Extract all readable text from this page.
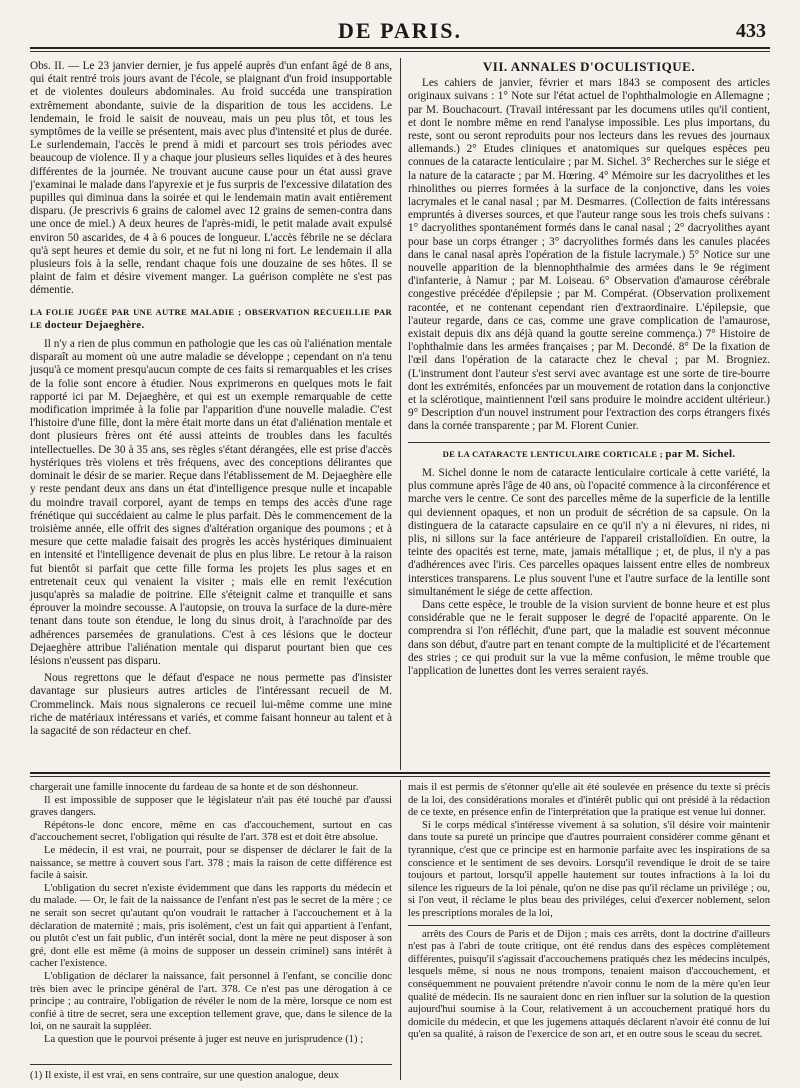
DE PARIS.	433

Obs. II. — Le 23 janvier dernier, je fus appelé auprès d'un enfant âgé de 8 ans, qui était rentré trois jours avant de l'école, se plaignant d'un froid insupportable et de violentes douleurs abdominales. Au froid succéda une transpiration extrêmement abondante, suivie de la disparition de tous les accidens. Le lendemain, le froid le saisit de nouveau, mais un peu plus tôt, et tous les symptômes de la veille se présentent, mais avec plus d'intensité et plus de durée. Le surlendemain, l'accès le prend à midi et parcourt ses trois périodes avec beaucoup de violence. Il y a chaque jour plusieurs selles liquides et à des heures différentes de la journée. Ne trouvant aucune cause pour un état aussi grave j'examinai le malade dans l'apyrexie et je fus surpris de l'excessive dilatation des pupilles qui diminua dans la soirée et qui le lendemain matin avait entièrement disparu. (Je prescrivis 6 grains de calomel avec 12 grains de semen-contra dans une once de miel.) A deux heures de l'après-midi, le petit malade avait expulsé environ 50 ascarides, de 4 à 6 pouces de longueur. L'accès fébrile ne se déclara qu'à sept heures et demie du soir, et ne fut ni long ni fort. Le lendemain il alla plusieurs fois à la selle, rendant chaque fois une douzaine de ses hôtes. Il se plaint de faim et désire vivement manger. La guérison complète ne s'est pas démentie.

LA FOLIE JUGÉE PAR UNE AUTRE MALADIE ; OBSERVATION RECUEILLIE PAR LE docteur Dejaeghère.

Il n'y a rien de plus commun en pathologie que les cas où l'aliénation mentale disparaît au moment où une autre maladie se développe ; cependant on n'a tenu jusqu'à ce moment presqu'aucun compte de ces faits si remarquables et les crises de la folie sont encore à étudier. Nous exprimerons en quelques mots le fait rapporté ici par M. Dejaeghère, et qui est un exemple remarquable de cette modification imprimée à la folie par l'apparition d'une nouvelle maladie. C'est l'histoire d'une fille, dont la mère était morte dans un état d'aliénation mentale et dont plusieurs frères ont été aussi atteints de troubles dans les facultés intellectuelles. De 30 à 35 ans, ses règles s'étant dérangées, elle est prise d'accès hystériques très violens et très fréquens, avec des conceptions délirantes que dominait le désir de se marier. Reçue dans l'établissement de M. Dejaeghère elle y reste pendant deux ans dans un état d'intelligence presque nulle et incapable du moindre travail corporel, ayant de temps en temps des accès d'une rage frénétique qui succédaient au calme le plus parfait. Dès le commencement de la troisième année, elle offrit des signes d'altération organique des poumons ; et à mesure que cette maladie faisait des progrès les accès hystériques diminuaient en intensité et l'intelligence devenait de plus en plus libre. Le retour à la raison fut bientôt si parfait que cette fille forma les projets les plus sages et en entretenait ceux qui venaient la visiter ; mais elle en remit l'exécution jusqu'après sa maladie de poitrine. Elle s'éteignit calme et tranquille et sans éprouver la moindre secousse. A l'autopsie, on trouva la surface de la dure-mère tenant dans toute son étendue, le long du sinus droit, à l'arachnoïde par des adhérences parsemées de granulations. C'est à ces lésions que le docteur Dejaeghère attribue l'aliénation mentale qui disparut pourtant bien que ces lésions n'eussent pas disparu.

Nous regrettons que le défaut d'espace ne nous permette pas d'insister davantage sur plusieurs autres articles de l'intéressant recueil de M. Crommelinck. Mais nous signalerons ce recueil lui-même comme une mine riche de matériaux intéressans et variés, et comme faisant honneur au talent et à la sagacité de son rédacteur en chef.

VII. ANNALES D'OCULISTIQUE.

Les cahiers de janvier, février et mars 1843 se composent des articles originaux suivans : 1° Note sur l'état actuel de l'ophthalmologie en Allemagne ; par M. Bouchacourt. (Travail intéressant par les documens utiles qu'il contient, et dont le nombre même en rend l'analyse impossible. Les plus importans, du reste, sont ou seront reproduits pour nos lecteurs dans les revues des journaux allemands.) 2° Etudes cliniques et anatomiques sur quelques espèces peu connues de la cataracte lenticulaire ; par M. Sichel. 3° Recherches sur le siége et la nature de la cataracte ; par M. Hœring. 4° Mémoire sur les dacryolithes et les rhinolithes ou pierres formées à la surface de la conjonctive, dans les voies lacrymales et le canal nasal ; par M. Desmarres. (Collection de faits intéressans empruntés à diverses sources, et que l'auteur range sous les trois chefs suivans : 1° dacryolithes spontanément formés dans le canal nasal ; 2° dacryolithes ayant pour base un corps étranger ; 3° dacryolithes formés dans les canules placées dans le canal nasal après l'opération de la fistule lacrymale.) 5° Notice sur une nouvelle apparition de la blennophthalmie des armées dans le 9e régiment d'infanterie, à Namur ; par M. Loiseau. 6° Observation d'amaurose cérébrale congestive précédée d'épilepsie ; par M. Compérat. (Observation prolixement racontée, et ne contenant cependant rien d'extraordinaire. L'épilepsie, que l'auteur regarde, dans ce cas, comme une grave complication de l'amaurose, existait depuis dix ans déjà quand la goutte sereine commença.) 7° Histoire de l'ophthalmie dans les armées françaises ; par M. Decondé. 8° De la fixation de l'œil dans l'opération de la cataracte chez le cheval ; par M. Brogniez. (L'instrument dont l'auteur s'est servi avec avantage est une sorte de tire-bourre dont les extrémités, enfoncées par un mouvement de rotation dans la conjonctive et la sclérotique, maintiennent l'œil sans produire le moindre accident ultérieur.) 9° Description d'un nouvel instrument pour l'extraction des corps étrangers fixés dans la cornée transparente ; par M. Florent Cunier.

DE LA CATARACTE LENTICULAIRE CORTICALE ; par M. Sichel.

M. Sichel donne le nom de cataracte lenticulaire corticale à cette variété, la plus commune après l'âge de 40 ans, où l'opacité commence à la circonférence et marche vers le centre. Ce sont des parcelles même de la superficie de la lentille qui deviennent opaques, et non un produit de sécrétion de sa capsule. On la distinguera de la cataracte capsulaire en ce qu'il n'y a ni élevures, ni rides, ni plis, ni sillons sur la face antérieure de l'appareil cristalloïdien. En outre, la teinte des opacités est terne, mate, jamais métallique ; et, de plus, il n'y a pas d'adhérences avec l'iris. Ces parcelles opaques laissent entre elles de nombreux interstices transparens. Le plus souvent l'une et l'autre surface de la lentille sont simultanément le siége de cette affection.

Dans cette espèce, le trouble de la vision survient de bonne heure et est plus considérable que ne le ferait supposer le degré de l'opacité apparente. On le comprendra si l'on réfléchit, d'une part, que la maladie est souvent méconnue dans son début, d'autre part en tenant compte de la multiplicité et de l'écartement des stries ; ce qui produit sur la vue la même confusion, le même trouble que l'application de lunettes dont les verres seraient rayés.

chargerait une famille innocente du fardeau de sa honte et de son déshonneur.

Il est impossible de supposer que le législateur n'ait pas été touché par d'aussi graves dangers.

Répétons-le donc encore, même en cas d'accouchement, surtout en cas d'accouchement secret, l'obligation qui résulte de l'art. 378 est et doit être absolue.

Le médecin, il est vrai, ne pourrait, pour se dispenser de déclarer le fait de la naissance, se mettre à couvert sous l'art. 378 ; mais la raison de cette différence est facile à saisir.

L'obligation du secret n'existe évidemment que dans les rapports du médecin et du malade. — Or, le fait de la naissance de l'enfant n'est pas le secret de la mère ; ce ne serait son secret qu'autant qu'on voudrait le rattacher à l'accouchement et à la déclaration de maternité ; mais, pris isolément, c'est un fait qui appartient à l'enfant, ou plutôt c'est un fait public, d'un intérêt social, dont la mère ne peut disposer à son gré, dont elle est même (à moins de supposer un dessein criminel) sans intérêt à cacher l'existence.

L'obligation de déclarer la naissance, fait personnel à l'enfant, se concilie donc très bien avec le principe général de l'art. 378. Ce n'est pas une dérogation à ce principe ; au contraire, l'obligation de révéler le nom de la mère, lorsque ce nom est confié à titre de secret, sera une exception tellement grave, que, dans le silence de la loi, on ne saurait la suppléer.

La question que le pourvoi présente à juger est neuve en jurisprudence (1) ;

(1) Il existe, il est vrai, en sens contraire, sur une question analogue, deux

mais il est permis de s'étonner qu'elle ait été soulevée en présence du texte si précis de la loi, des considérations morales et d'intérêt public qui ont présidé à la rédaction de ce texte, en présence enfin de l'interprétation que la pratique est venue lui donner.

Si le corps médical s'intéresse vivement à sa solution, s'il désire voir maintenir dans toute sa pureté un principe que d'autres pourraient considérer comme gênant et tyrannique, c'est que ce principe est en harmonie parfaite avec les inspirations de sa conscience et le sentiment de ses devoirs. Lorsqu'il revendique le droit de se taire toujours et partout, lorsqu'il appelle hautement sur toutes infractions à la loi du silence les rigueurs de la loi pénale, qu'on ne dise pas qu'il réclame un privilége ; ou, si l'on veut, il réclame le plus beau des priviléges, celui d'exercer noblement, selon les prescriptions morales de la loi,

arrêts des Cours de Paris et de Dijon ; mais ces arrêts, dont la doctrine d'ailleurs n'est pas à l'abri de toute critique, ont été rendus dans des espèces complètement différentes, puisqu'il s'agissait d'accouchemens pratiqués chez les médecins inculpés, lesquels même, si nous ne nous trompons, tenaient maison d'accouchement, et conséquemment ne pouvaient prétendre n'avoir connu le nom de la mère qu'en leur qualité de médecin. Ils ne sauraient donc en rien influer sur la solution de la question aujourd'hui soumise à la Cour, relativement à un accouchement pratiqué hors du domicile du médecin, et que les jugemens attaqués déclarent n'avoir été connu de lui qu'en sa qualité, à raison de l'exercice de son art, et en outre sous le sceau du secret.
